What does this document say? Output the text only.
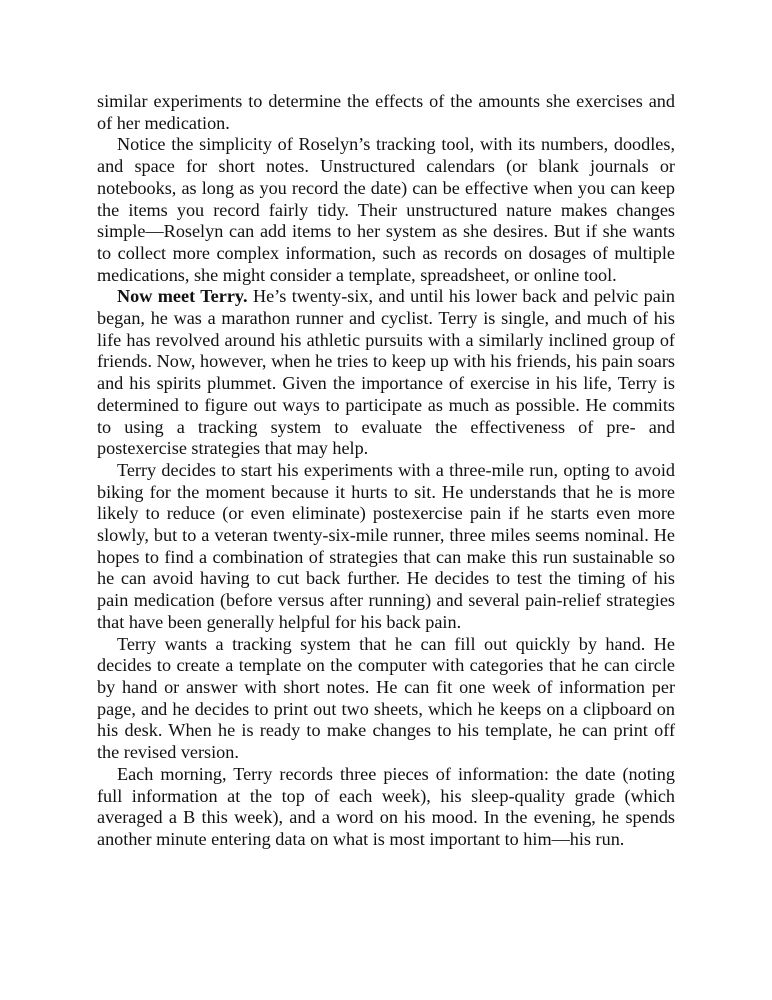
similar experiments to determine the effects of the amounts she exercises and of her medication.

Notice the simplicity of Roselyn’s tracking tool, with its numbers, doodles, and space for short notes. Unstructured calendars (or blank journals or notebooks, as long as you record the date) can be effective when you can keep the items you record fairly tidy. Their unstructured nature makes changes simple—Roselyn can add items to her system as she desires. But if she wants to collect more complex information, such as records on dosages of multiple medications, she might consider a template, spreadsheet, or online tool.

Now meet Terry. He’s twenty-six, and until his lower back and pelvic pain began, he was a marathon runner and cyclist. Terry is single, and much of his life has revolved around his athletic pursuits with a similarly inclined group of friends. Now, however, when he tries to keep up with his friends, his pain soars and his spirits plummet. Given the importance of exercise in his life, Terry is determined to figure out ways to participate as much as possible. He commits to using a tracking system to evaluate the effectiveness of pre- and postexercise strategies that may help.

Terry decides to start his experiments with a three-mile run, opting to avoid biking for the moment because it hurts to sit. He understands that he is more likely to reduce (or even eliminate) postexercise pain if he starts even more slowly, but to a veteran twenty-six-mile runner, three miles seems nominal. He hopes to find a combination of strategies that can make this run sustainable so he can avoid having to cut back further. He decides to test the timing of his pain medication (before versus after running) and several pain-relief strategies that have been generally helpful for his back pain.

Terry wants a tracking system that he can fill out quickly by hand. He decides to create a template on the computer with categories that he can circle by hand or answer with short notes. He can fit one week of information per page, and he decides to print out two sheets, which he keeps on a clipboard on his desk. When he is ready to make changes to his template, he can print off the revised version.

Each morning, Terry records three pieces of information: the date (noting full information at the top of each week), his sleep-quality grade (which averaged a B this week), and a word on his mood. In the evening, he spends another minute entering data on what is most important to him—his run.
